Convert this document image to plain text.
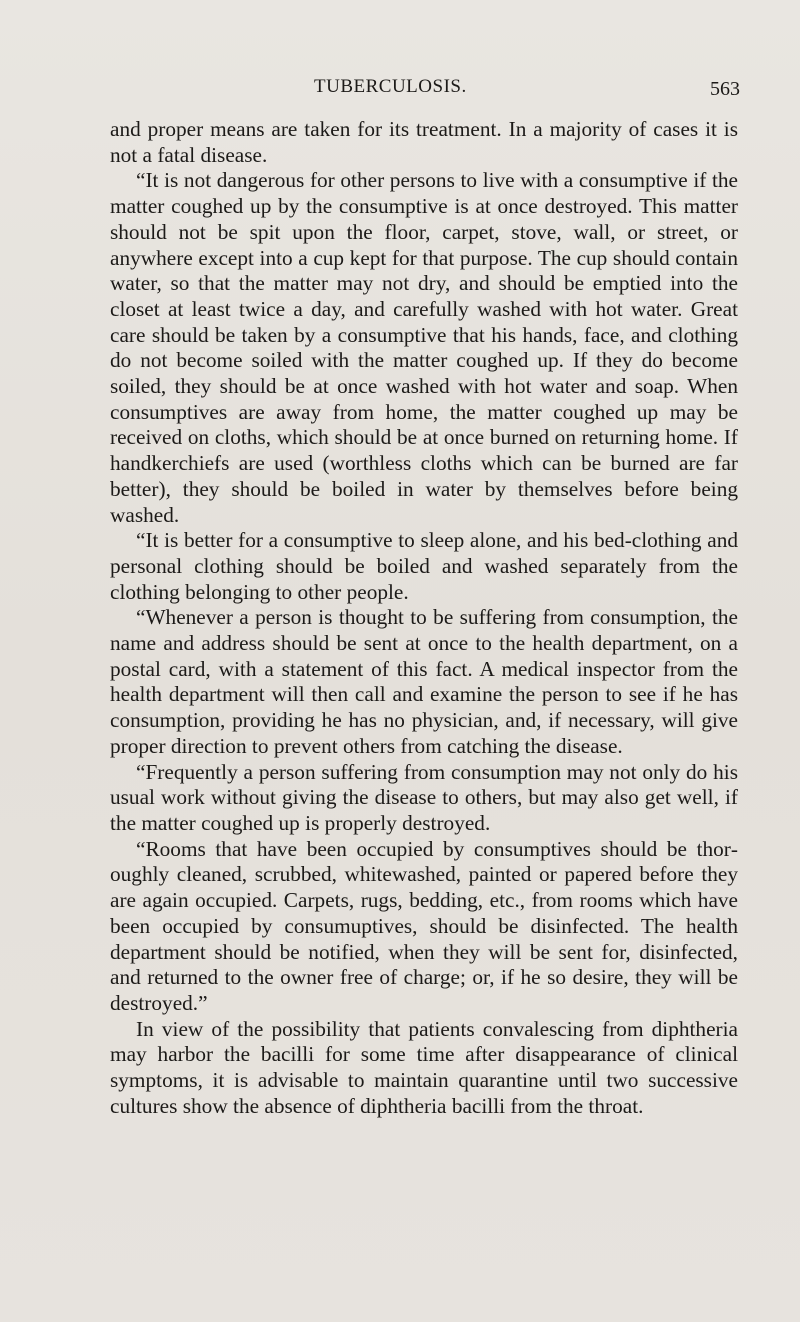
TUBERCULOSIS.	563

and proper means are taken for its treatment. In a majority of cases it is not a fatal disease.

“It is not dangerous for other persons to live with a consumptive if the matter coughed up by the consumptive is at once destroyed. This matter should not be spit upon the floor, carpet, stove, wall, or street, or anywhere except into a cup kept for that purpose. The cup should contain water, so that the matter may not dry, and should be emptied into the closet at least twice a day, and carefully washed with hot water. Great care should be taken by a consumptive that his hands, face, and clothing do not become soiled with the matter coughed up. If they do become soiled, they should be at once washed with hot water and soap. When consumptives are away from home, the matter coughed up may be received on cloths, which should be at once burned on returning home. If handkerchiefs are used (worthless cloths which can be burned are far better), they should be boiled in water by themselves before being washed.

“It is better for a consumptive to sleep alone, and his bed-clothing and personal clothing should be boiled and washed separately from the clothing belonging to other people.

“Whenever a person is thought to be suffering from consumption, the name and address should be sent at once to the health department, on a postal card, with a statement of this fact. A medical inspector from the health department will then call and examine the person to see if he has consumption, providing he has no physician, and, if necessary, will give proper direction to prevent others from catching the disease.

“Frequently a person suffering from consumption may not only do his usual work without giving the disease to others, but may also get well, if the matter coughed up is properly destroyed.

“Rooms that have been occupied by consumptives should be thoroughly cleaned, scrubbed, whitewashed, painted or papered before they are again occupied. Carpets, rugs, bedding, etc., from rooms which have been occupied by consumuptives, should be disinfected. The health department should be notified, when they will be sent for, disinfected, and returned to the owner free of charge; or, if he so desire, they will be destroyed.”

In view of the possibility that patients convalescing from diphtheria may harbor the bacilli for some time after disappearance of clinical symptoms, it is advisable to maintain quarantine until two successive cultures show the absence of diphtheria bacilli from the throat.
